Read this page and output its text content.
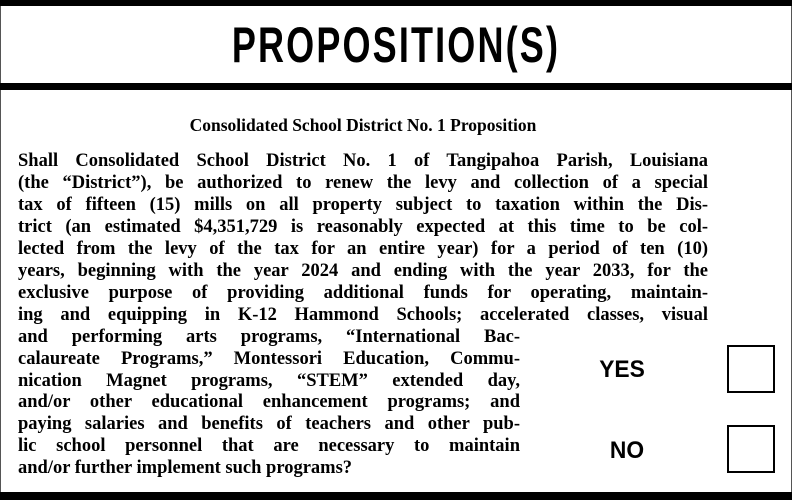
PROPOSITION(S)
Consolidated School District No. 1 Proposition
Shall Consolidated School District No. 1 of Tangipahoa Parish, Louisiana
(the “District”), be authorized to renew the levy and collection of a special
tax of fifteen (15) mills on all property subject to taxation within the Dis-
trict (an estimated $4,351,729 is reasonably expected at this time to be col-
lected from the levy of the tax for an entire year) for a period of ten (10)
years, beginning with the year 2024 and ending with the year 2033, for the
exclusive purpose of providing additional funds for operating, maintain-
ing and equipping in K-12 Hammond Schools; accelerated classes, visual
and performing arts programs, “International Bac-
calaureate Programs,” Montessori Education, Commu-
nication Magnet programs, “STEM” extended day,
and/or other educational enhancement programs; and
paying salaries and benefits of teachers and other pub-
lic school personnel that are necessary to maintain
and/or further implement such programs?
YES
NO
